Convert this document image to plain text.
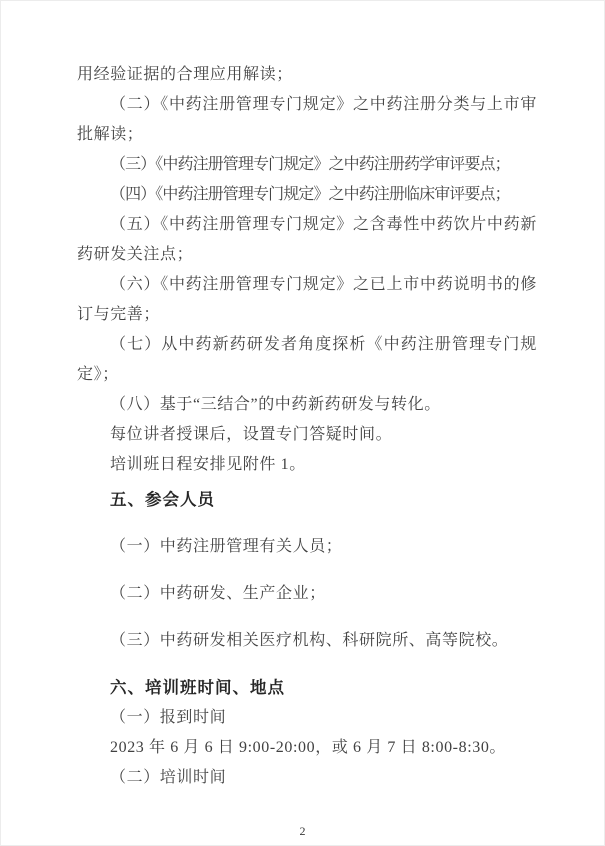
用经验证据的合理应用解读；
（二）《中药注册管理专门规定》之中药注册分类与上市审
批解读；
（三）《中药注册管理专门规定》之中药注册药学审评要点；
（四）《中药注册管理专门规定》之中药注册临床审评要点；
（五）《中药注册管理专门规定》之含毒性中药饮片中药新
药研发关注点；
（六）《中药注册管理专门规定》之已上市中药说明书的修
订与完善；
（七）从中药新药研发者角度探析《中药注册管理专门规
定》；
（八）基于“三结合”的中药新药研发与转化。
每位讲者授课后，设置专门答疑时间。
培训班日程安排见附件 1。
五、参会人员
（一）中药注册管理有关人员；
（二）中药研发、生产企业；
（三）中药研发相关医疗机构、科研院所、高等院校。
六、培训班时间、地点
（一）报到时间
2023 年 6 月 6 日 9:00-20:00，或 6 月 7 日 8:00-8:30。
（二）培训时间
2
